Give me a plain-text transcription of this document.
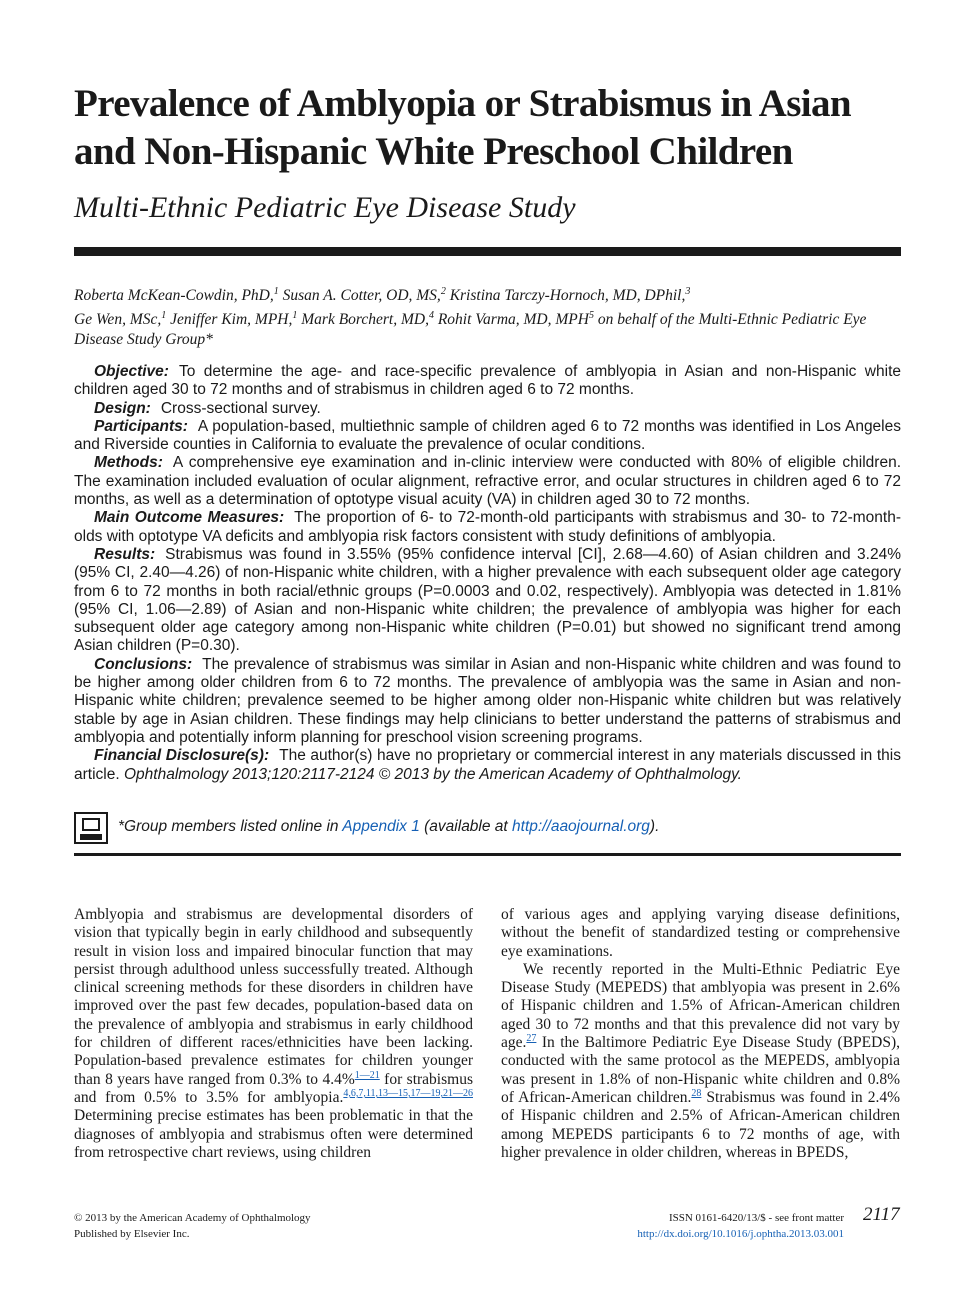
Prevalence of Amblyopia or Strabismus in Asian and Non-Hispanic White Preschool Children
Multi-Ethnic Pediatric Eye Disease Study
Roberta McKean-Cowdin, PhD,$^1$ Susan A. Cotter, OD, MS,$^2$ Kristina Tarczy-Hornoch, MD, DPhil,$^3$
Ge Wen, MSc,$^1$ Jeniffer Kim, MPH,$^1$ Mark Borchert, MD,$^4$ Rohit Varma, MD, MPH$^5$ on behalf of the Multi-Ethnic Pediatric Eye Disease Study Group*

Objective: To determine the age- and race-specific prevalence of amblyopia in Asian and non-Hispanic white children aged 30 to 72 months and of strabismus in children aged 6 to 72 months.

Design: Cross-sectional survey.

Participants: A population-based, multiethnic sample of children aged 6 to 72 months was identified in Los Angeles and Riverside counties in California to evaluate the prevalence of ocular conditions.

Methods: A comprehensive eye examination and in-clinic interview were conducted with 80% of eligible children. The examination included evaluation of ocular alignment, refractive error, and ocular structures in children aged 6 to 72 months, as well as a determination of optotype visual acuity (VA) in children aged 30 to 72 months.

Main Outcome Measures: The proportion of 6- to 72-month-old participants with strabismus and 30- to 72-month-olds with optotype VA deficits and amblyopia risk factors consistent with study definitions of amblyopia.

Results: Strabismus was found in 3.55% (95% confidence interval [CI], 2.68—4.60) of Asian children and 3.24% (95% CI, 2.40—4.26) of non-Hispanic white children, with a higher prevalence with each subsequent older age category from 6 to 72 months in both racial/ethnic groups (P=0.0003 and 0.02, respectively). Amblyopia was detected in 1.81% (95% CI, 1.06—2.89) of Asian and non-Hispanic white children; the prevalence of amblyopia was higher for each subsequent older age category among non-Hispanic white children (P=0.01) but showed no significant trend among Asian children (P=0.30).

Conclusions: The prevalence of strabismus was similar in Asian and non-Hispanic white children and was found to be higher among older children from 6 to 72 months. The prevalence of amblyopia was the same in Asian and non-Hispanic white children; prevalence seemed to be higher among older non-Hispanic white children but was relatively stable by age in Asian children. These findings may help clinicians to better understand the patterns of strabismus and amblyopia and potentially inform planning for preschool vision screening programs.

Financial Disclosure(s): The author(s) have no proprietary or commercial interest in any materials discussed in this article. Ophthalmology 2013;120:2117-2124 © 2013 by the American Academy of Ophthalmology.

*Group members listed online in Appendix 1 (available at http://aaojournal.org).

Amblyopia and strabismus are developmental disorders of vision that typically begin in early childhood and subsequently result in vision loss and impaired binocular function that may persist through adulthood unless successfully treated. Although clinical screening methods for these disorders in children have improved over the past few decades, population-based data on the prevalence of amblyopia and strabismus in early childhood for children of different races/ethnicities have been lacking. Population-based prevalence estimates for children younger than 8 years have ranged from 0.3% to 4.4%$^{1—21}$ for strabismus and from 0.5% to 3.5% for amblyopia.$^{4,6,7,11,13—15,17—19,21—26}$ Determining precise estimates has been problematic in that the diagnoses of amblyopia and strabismus often were determined from retrospective chart reviews, using children

of various ages and applying varying disease definitions, without the benefit of standardized testing or comprehensive eye examinations.

We recently reported in the Multi-Ethnic Pediatric Eye Disease Study (MEPEDS) that amblyopia was present in 2.6% of Hispanic children and 1.5% of African-American children aged 30 to 72 months and that this prevalence did not vary by age.$^{27}$ In the Baltimore Pediatric Eye Disease Study (BPEDS), conducted with the same protocol as the MEPEDS, amblyopia was present in 1.8% of non-Hispanic white children and 0.8% of African-American children.$^{28}$ Strabismus was found in 2.4% of Hispanic children and 2.5% of African-American children among MEPEDS participants 6 to 72 months of age, with higher prevalence in older children, whereas in BPEDS,

© 2013 by the American Academy of Ophthalmology
Published by Elsevier Inc.
ISSN 0161-6420/13/$ - see front matter
http://dx.doi.org/10.1016/j.ophtha.2013.03.001
2117
